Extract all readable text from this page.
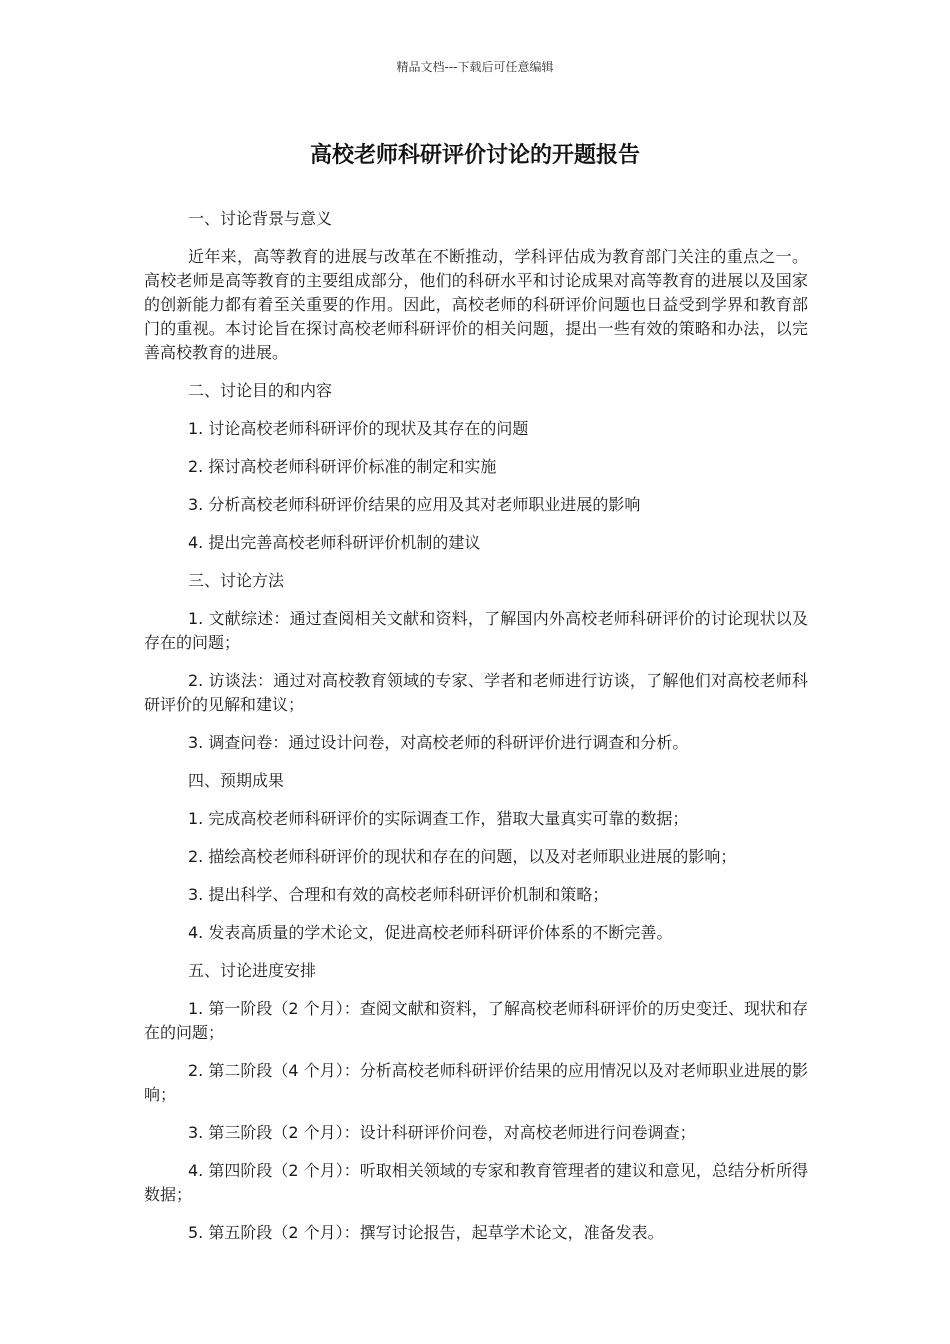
精品文档---下载后可任意编辑
高校老师科研评价讨论的开题报告

一、讨论背景与意义

近年来，高等教育的进展与改革在不断推动，学科评估成为教育部门关注的重点之一。高校老师是高等教育的主要组成部分，他们的科研水平和讨论成果对高等教育的进展以及国家的创新能力都有着至关重要的作用。因此，高校老师的科研评价问题也日益受到学界和教育部门的重视。本讨论旨在探讨高校老师科研评价的相关问题，提出一些有效的策略和办法，以完善高校教育的进展。

二、讨论目的和内容

1. 讨论高校老师科研评价的现状及其存在的问题

2. 探讨高校老师科研评价标准的制定和实施

3. 分析高校老师科研评价结果的应用及其对老师职业进展的影响

4. 提出完善高校老师科研评价机制的建议

三、讨论方法

1. 文献综述：通过查阅相关文献和资料，了解国内外高校老师科研评价的讨论现状以及存在的问题；

2. 访谈法：通过对高校教育领域的专家、学者和老师进行访谈，了解他们对高校老师科研评价的见解和建议；

3. 调查问卷：通过设计问卷，对高校老师的科研评价进行调查和分析。

四、预期成果

1. 完成高校老师科研评价的实际调查工作，猎取大量真实可靠的数据；

2. 描绘高校老师科研评价的现状和存在的问题，以及对老师职业进展的影响；

3. 提出科学、合理和有效的高校老师科研评价机制和策略；

4. 发表高质量的学术论文，促进高校老师科研评价体系的不断完善。

五、讨论进度安排

1. 第一阶段（2 个月）：查阅文献和资料，了解高校老师科研评价的历史变迁、现状和存在的问题；

2. 第二阶段（4 个月）：分析高校老师科研评价结果的应用情况以及对老师职业进展的影响；

3. 第三阶段（2 个月）：设计科研评价问卷，对高校老师进行问卷调查；

4. 第四阶段（2 个月）：听取相关领域的专家和教育管理者的建议和意见，总结分析所得数据；

5. 第五阶段（2 个月）：撰写讨论报告，起草学术论文，准备发表。
